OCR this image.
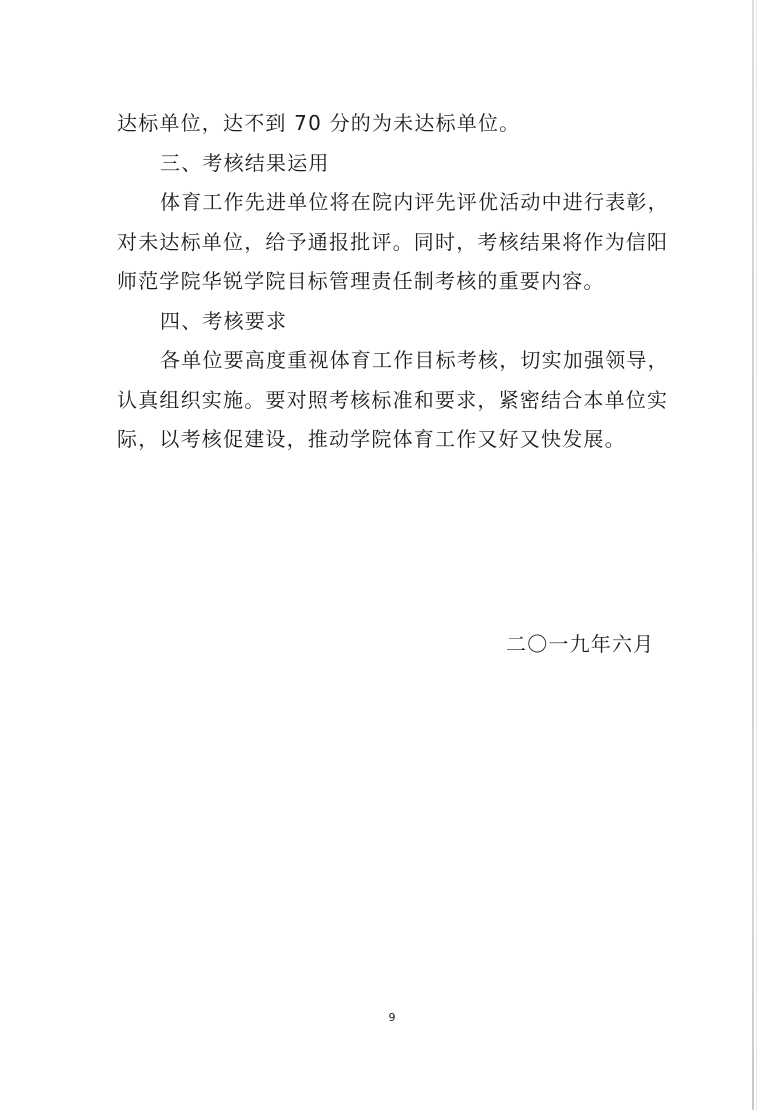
达标单位，达不到 70 分的为未达标单位。
三、考核结果运用
体育工作先进单位将在院内评先评优活动中进行表彰，
对未达标单位，给予通报批评。同时，考核结果将作为信阳
师范学院华锐学院目标管理责任制考核的重要内容。
四、考核要求
各单位要高度重视体育工作目标考核，切实加强领导，
认真组织实施。要对照考核标准和要求，紧密结合本单位实
际，以考核促建设，推动学院体育工作又好又快发展。
二〇一九年六月
9
